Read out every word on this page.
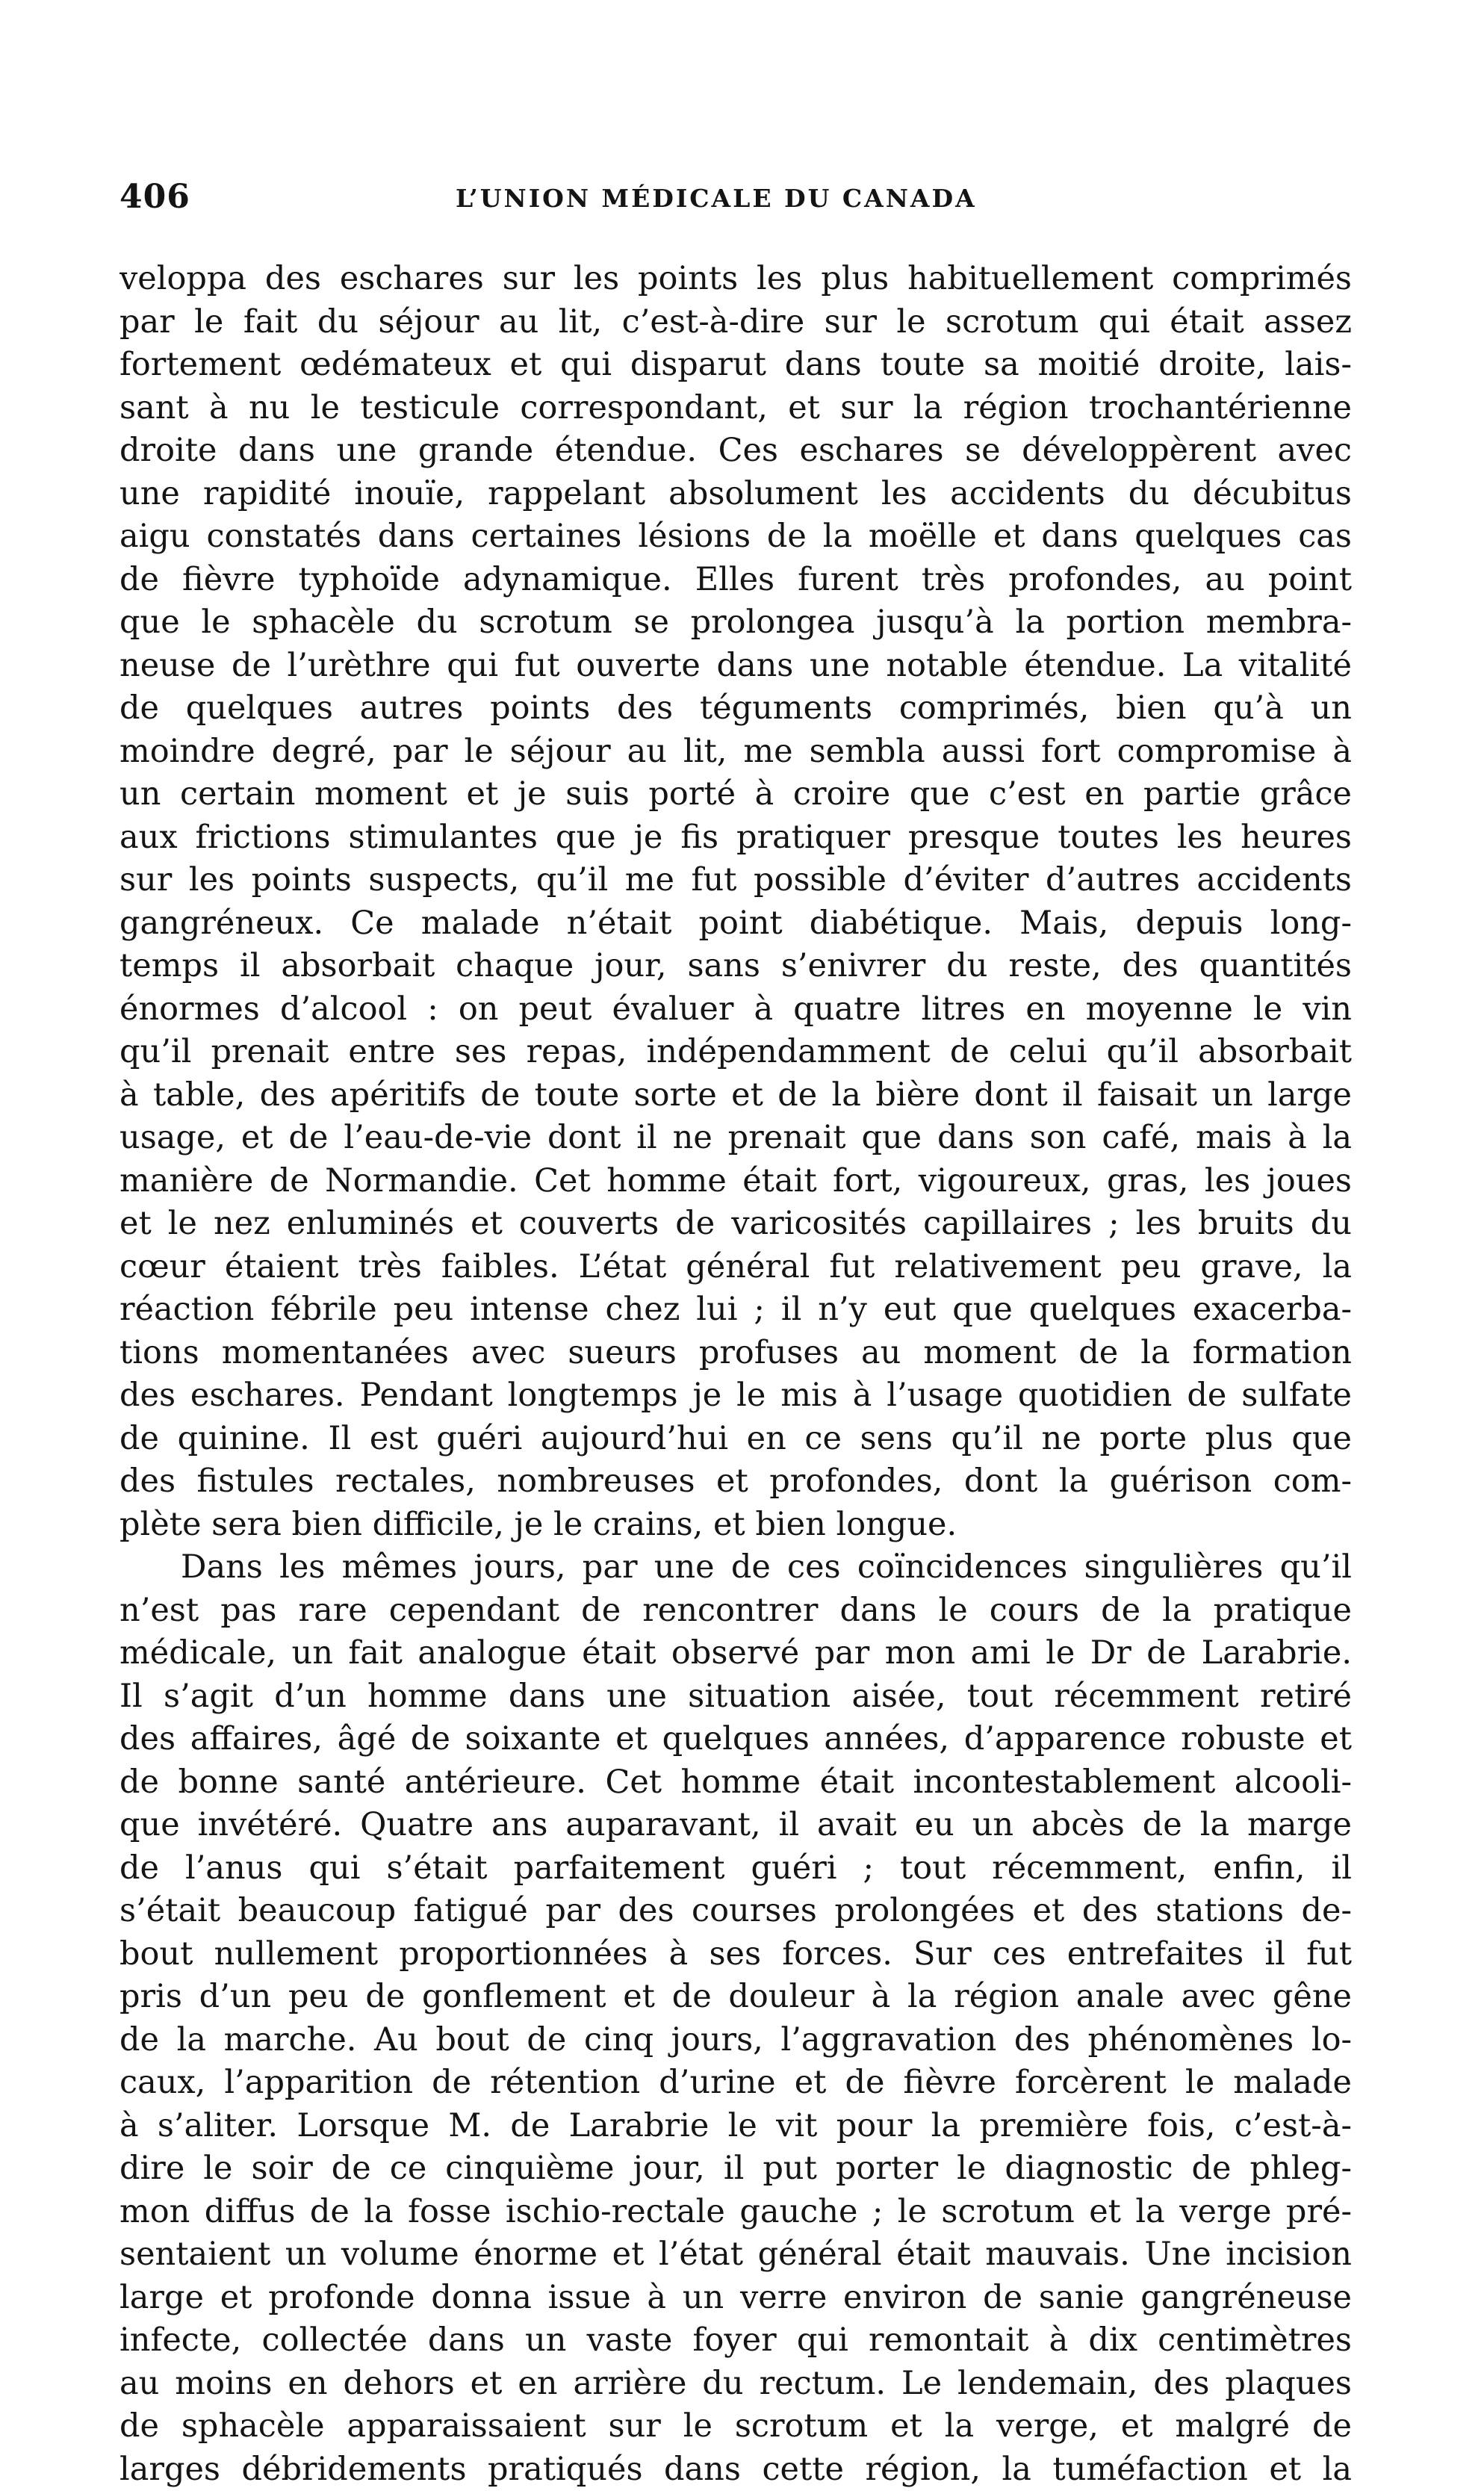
406	L’UNION MÉDICALE DU CANADA
veloppa des eschares sur les points les plus habituellement comprimés
par le fait du séjour au lit, c’est-à-dire sur le scrotum qui était assez
fortement œdémateux et qui disparut dans toute sa moitié droite, lais-
sant à nu le testicule correspondant, et sur la région trochantérienne
droite dans une grande étendue. Ces eschares se développèrent avec
une rapidité inouïe, rappelant absolument les accidents du décubitus
aigu constatés dans certaines lésions de la moëlle et dans quelques cas
de fièvre typhoïde adynamique. Elles furent très profondes, au point
que le sphacèle du scrotum se prolongea jusqu’à la portion membra-
neuse de l’urèthre qui fut ouverte dans une notable étendue. La vitalité
de quelques autres points des téguments comprimés, bien qu’à un
moindre degré, par le séjour au lit, me sembla aussi fort compromise à
un certain moment et je suis porté à croire que c’est en partie grâce
aux frictions stimulantes que je fis pratiquer presque toutes les heures
sur les points suspects, qu’il me fut possible d’éviter d’autres accidents
gangréneux. Ce malade n’était point diabétique. Mais, depuis long-
temps il absorbait chaque jour, sans s’enivrer du reste, des quantités
énormes d’alcool : on peut évaluer à quatre litres en moyenne le vin
qu’il prenait entre ses repas, indépendamment de celui qu’il absorbait
à table, des apéritifs de toute sorte et de la bière dont il faisait un large
usage, et de l’eau-de-vie dont il ne prenait que dans son café, mais à la
manière de Normandie. Cet homme était fort, vigoureux, gras, les joues
et le nez enluminés et couverts de varicosités capillaires ; les bruits du
cœur étaient très faibles. L’état général fut relativement peu grave, la
réaction fébrile peu intense chez lui ; il n’y eut que quelques exacerba-
tions momentanées avec sueurs profuses au moment de la formation
des eschares. Pendant longtemps je le mis à l’usage quotidien de sulfate
de quinine. Il est guéri aujourd’hui en ce sens qu’il ne porte plus que
des fistules rectales, nombreuses et profondes, dont la guérison com-
plète sera bien difficile, je le crains, et bien longue.
Dans les mêmes jours, par une de ces coïncidences singulières qu’il
n’est pas rare cependant de rencontrer dans le cours de la pratique
médicale, un fait analogue était observé par mon ami le Dr de Larabrie.
Il s’agit d’un homme dans une situation aisée, tout récemment retiré
des affaires, âgé de soixante et quelques années, d’apparence robuste et
de bonne santé antérieure. Cet homme était incontestablement alcooli-
que invétéré. Quatre ans auparavant, il avait eu un abcès de la marge
de l’anus qui s’était parfaitement guéri ; tout récemment, enfin, il
s’était beaucoup fatigué par des courses prolongées et des stations de-
bout nullement proportionnées à ses forces. Sur ces entrefaites il fut
pris d’un peu de gonflement et de douleur à la région anale avec gêne
de la marche. Au bout de cinq jours, l’aggravation des phénomènes lo-
caux, l’apparition de rétention d’urine et de fièvre forcèrent le malade
à s’aliter. Lorsque M. de Larabrie le vit pour la première fois, c’est-à-
dire le soir de ce cinquième jour, il put porter le diagnostic de phleg-
mon diffus de la fosse ischio-rectale gauche ; le scrotum et la verge pré-
sentaient un volume énorme et l’état général était mauvais. Une incision
large et profonde donna issue à un verre environ de sanie gangréneuse
infecte, collectée dans un vaste foyer qui remontait à dix centimètres
au moins en dehors et en arrière du rectum. Le lendemain, des plaques
de sphacèle apparaissaient sur le scrotum et la verge, et malgré de
larges débridements pratiqués dans cette région, la tuméfaction et la
